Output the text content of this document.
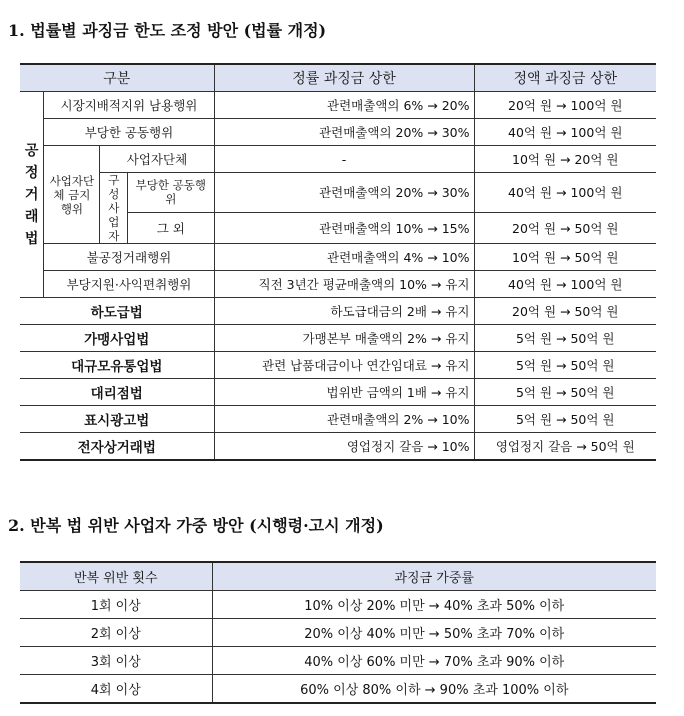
1. 법률별 과징금 한도 조정 방안 (법률 개정)
구분				정률 과징금 상한	정액 과징금 상한
공
정
거
래
법	시장지배적지위 남용행위			관련매출액의 6% → 20%	20억 원 → 100억 원
	부당한 공동행위			관련매출액의 20% → 30%	40억 원 → 100억 원
	사업자단체 금지행위	사업자단체		-	10억 원 → 20억 원
		구성사업자	부당한 공동행위	관련매출액의 20% → 30%	40억 원 → 100억 원
			그 외	관련매출액의 10% → 15%	20억 원 → 50억 원
	불공정거래행위			관련매출액의 4% → 10%	10억 원 → 50억 원
	부당지원·사익편취행위			직전 3년간 평균매출액의 10% → 유지	40억 원 → 100억 원
하도급법				하도급대금의 2배 → 유지	20억 원 → 50억 원
가맹사업법				가맹본부 매출액의 2% → 유지	5억 원 → 50억 원
대규모유통업법				관련 납품대금이나 연간임대료 → 유지	5억 원 → 50억 원
대리점법				법위반 금액의 1배 → 유지	5억 원 → 50억 원
표시광고법				관련매출액의 2% → 10%	5억 원 → 50억 원
전자상거래법				영업정지 갈음 → 10%	영업정지 갈음 → 50억 원
2. 반복 법 위반 사업자 가중 방안 (시행령·고시 개정)
반복 위반 횟수	과징금 가중률
1회 이상	10% 이상 20% 미만 → 40% 초과 50% 이하
2회 이상	20% 이상 40% 미만 → 50% 초과 70% 이하
3회 이상	40% 이상 60% 미만 → 70% 초과 90% 이하
4회 이상	60% 이상 80% 이하 → 90% 초과 100% 이하
